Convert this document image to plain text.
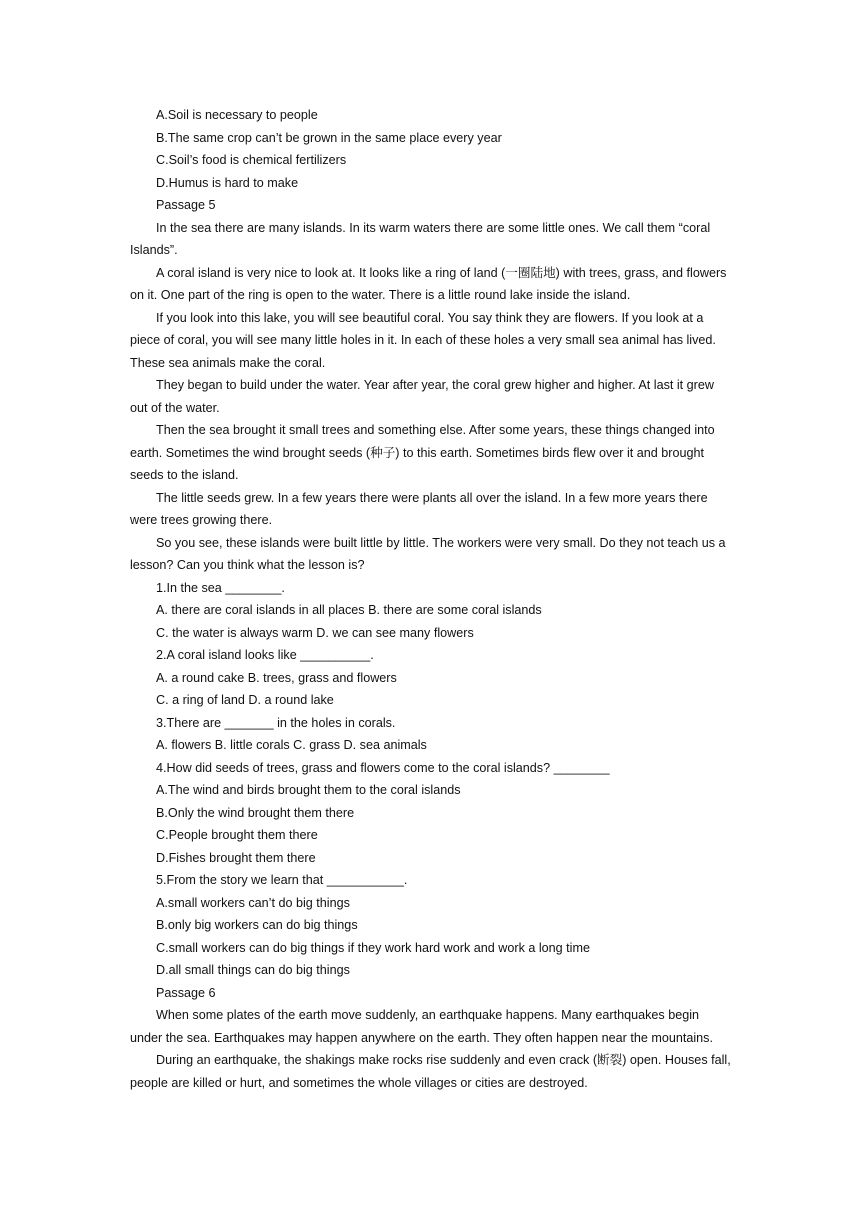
A.Soil is necessary to people

B.The same crop can’t be grown in the same place every year

C.Soil’s food is chemical fertilizers

D.Humus is hard to make

Passage 5

In the sea there are many islands. In its warm waters there are some little ones. We call them “coral Islands”.

A coral island is very nice to look at. It looks like a ring of land (一圈陆地) with trees, grass, and flowers on it. One part of the ring is open to the water. There is a little round lake inside the island.

If you look into this lake, you will see beautiful coral. You say think they are flowers. If you look at a piece of coral, you will see many little holes in it. In each of these holes a very small sea animal has lived. These sea animals make the coral.

They began to build under the water. Year after year, the coral grew higher and higher. At last it grew out of the water.

Then the sea brought it small trees and something else. After some years, these things changed into earth. Sometimes the wind brought seeds (种子) to this earth. Sometimes birds flew over it and brought seeds to the island.

The little seeds grew. In a few years there were plants all over the island. In a few more years there were trees growing there.

So you see, these islands were built little by little. The workers were very small. Do they not teach us a lesson? Can you think what the lesson is?

1.In the sea ________.

A. there are coral islands in all places B. there are some coral islands

C. the water is always warm D. we can see many flowers

2.A coral island looks like __________.

A. a round cake B. trees, grass and flowers

C. a ring of land D. a round lake

3.There are _______ in the holes in corals.

A. flowers B. little corals C. grass D. sea animals

4.How did seeds of trees, grass and flowers come to the coral islands? ________

A.The wind and birds brought them to the coral islands

B.Only the wind brought them there

C.People brought them there

D.Fishes brought them there

5.From the story we learn that ___________.

A.small workers can’t do big things

B.only big workers can do big things

C.small workers can do big things if they work hard work and work a long time

D.all small things can do big things

Passage 6

When some plates of the earth move suddenly, an earthquake happens. Many earthquakes begin under the sea. Earthquakes may happen anywhere on the earth. They often happen near the mountains.

During an earthquake, the shakings make rocks rise suddenly and even crack (断裂) open. Houses fall, people are killed or hurt, and sometimes the whole villages or cities are destroyed.
